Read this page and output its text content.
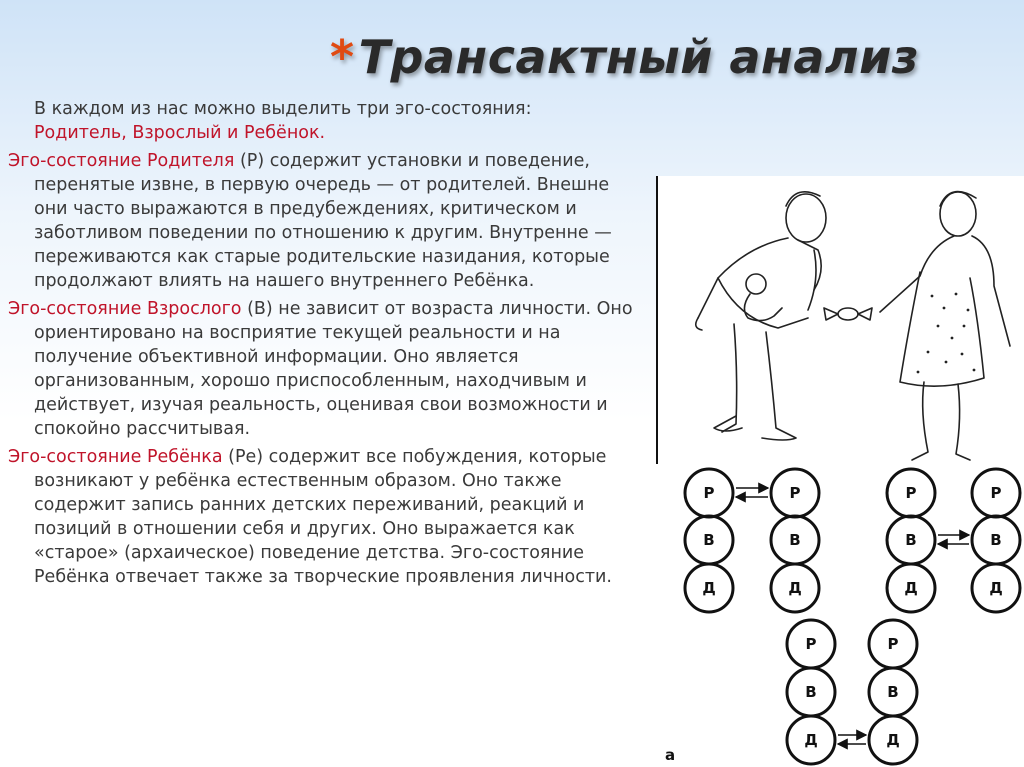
*Трансактный анализ

В каждом из нас можно выделить три эго-состояния:
Родитель, Взрослый и Ребёнок.

Эго-состояние Родителя (Р) содержит установки и поведение, перенятые извне, в первую очередь — от родителей. Внешне они часто выражаются в предубеждениях, критическом и заботливом поведении по отношению к другим. Внутренне — переживаются как старые родительские назидания, которые продолжают влиять на нашего внутреннего Ребёнка.

Эго-состояние Взрослого (В) не зависит от возраста личности. Оно ориентировано на восприятие текущей реальности и на получение объективной информации. Оно является организованным, хорошо приспособленным, находчивым и действует, изучая реальность, оценивая свои возможности и спокойно рассчитывая.

Эго-состояние Ребёнка (Ре) содержит все побуждения, которые возникают у ребёнка естественным образом. Оно также содержит запись ранних детских переживаний, реакций и позиций в отношении себя и других. Оно выражается как «старое» (архаическое) поведение детства. Эго-состояние Ребёнка отвечает также за творческие проявления личности.

Р
В
Д
Р
В
Д
Р
В
Д
Р
В
Д
Р
В
Д
Р
В
Д
а
